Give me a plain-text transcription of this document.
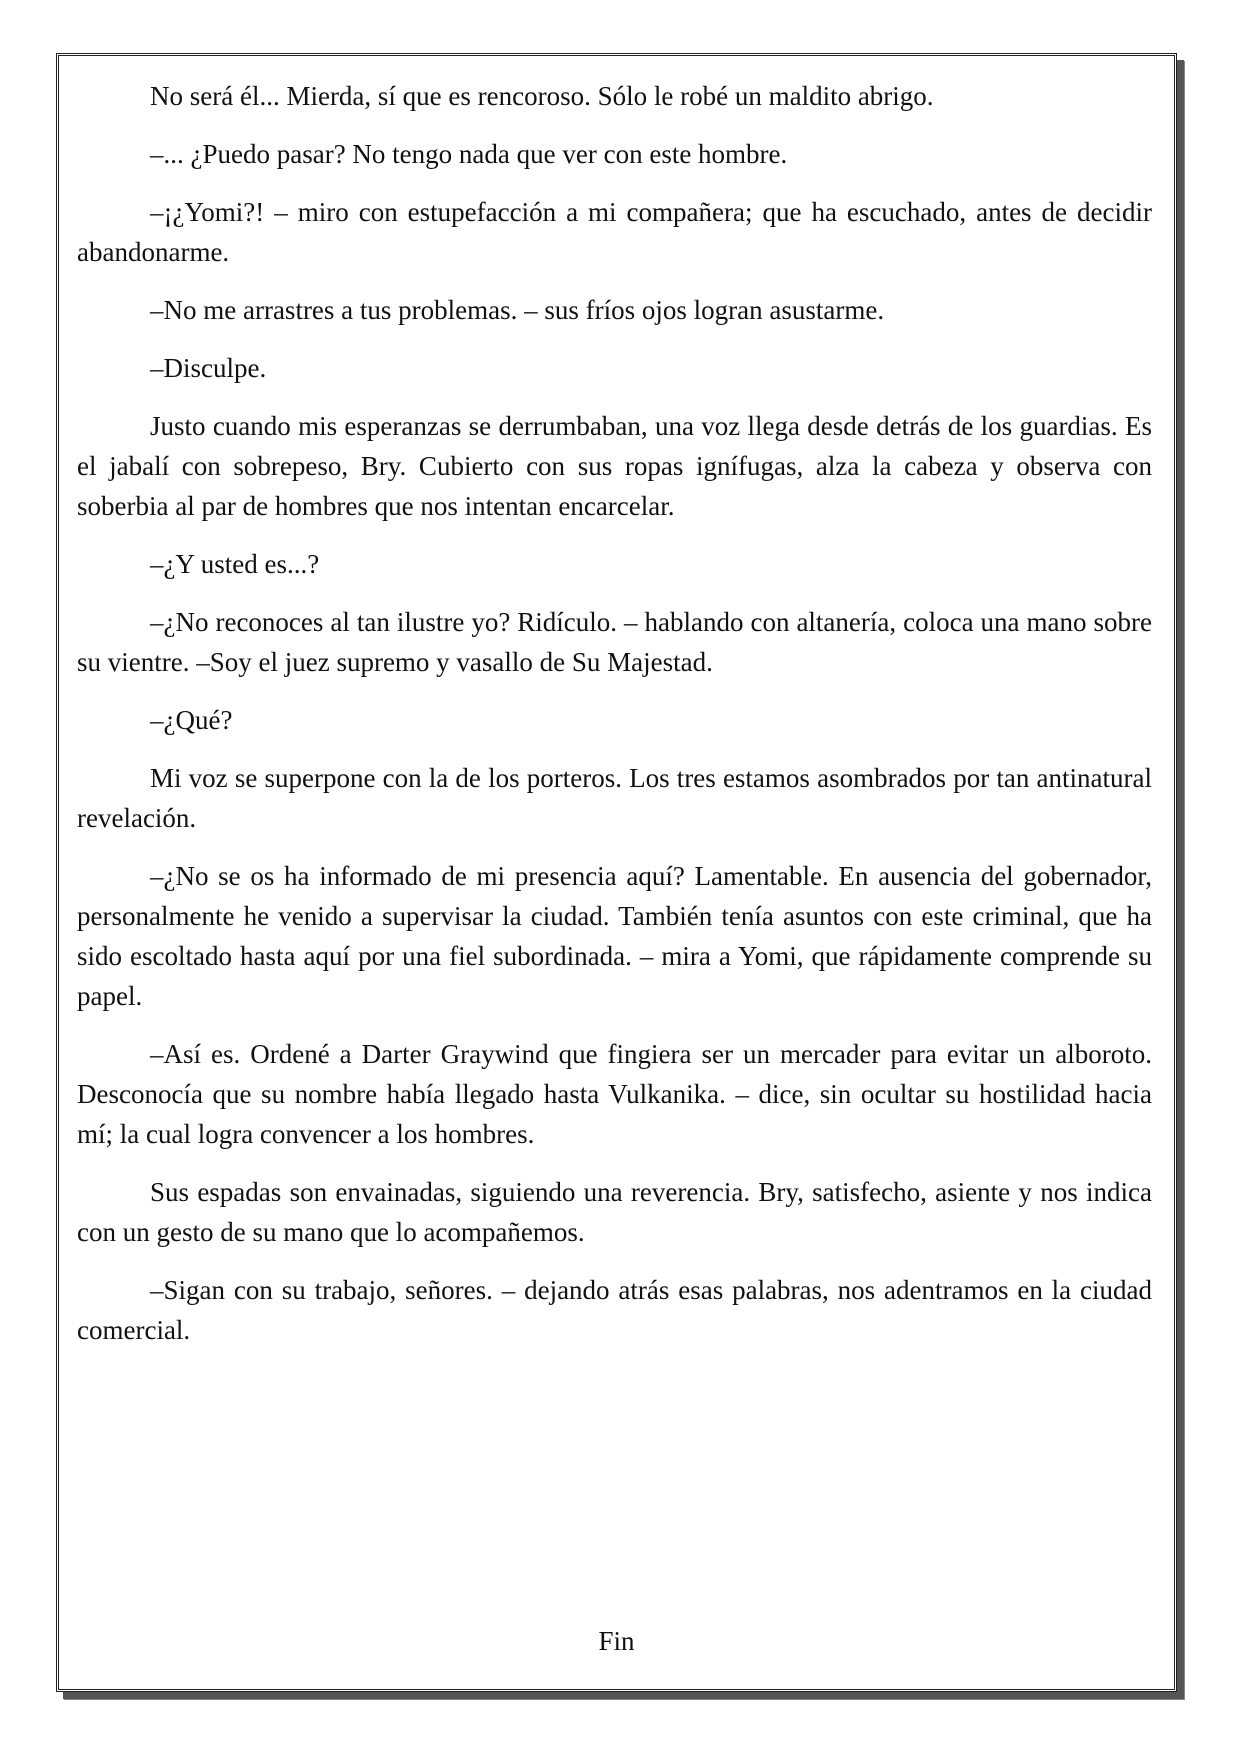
No será él... Mierda, sí que es rencoroso. Sólo le robé un maldito abrigo.

–... ¿Puedo pasar? No tengo nada que ver con este hombre.

–¡¿Yomi?! – miro con estupefacción a mi compañera; que ha escuchado, antes de decidir abandonarme.

–No me arrastres a tus problemas. – sus fríos ojos logran asustarme.

–Disculpe.

Justo cuando mis esperanzas se derrumbaban, una voz llega desde detrás de los guardias. Es el jabalí con sobrepeso, Bry. Cubierto con sus ropas ignífugas, alza la cabeza y observa con soberbia al par de hombres que nos intentan encarcelar.

–¿Y usted es...?

–¿No reconoces al tan ilustre yo? Ridículo. – hablando con altanería, coloca una mano sobre su vientre. –Soy el juez supremo y vasallo de Su Majestad.

–¿Qué?

Mi voz se superpone con la de los porteros. Los tres estamos asombrados por tan antinatural revelación.

–¿No se os ha informado de mi presencia aquí? Lamentable. En ausencia del gobernador, personalmente he venido a supervisar la ciudad. También tenía asuntos con este criminal, que ha sido escoltado hasta aquí por una fiel subordinada. – mira a Yomi, que rápidamente comprende su papel.

–Así es. Ordené a Darter Graywind que fingiera ser un mercader para evitar un alboroto. Desconocía que su nombre había llegado hasta Vulkanika. – dice, sin ocultar su hostilidad hacia mí; la cual logra convencer a los hombres.

Sus espadas son envainadas, siguiendo una reverencia. Bry, satisfecho, asiente y nos indica con un gesto de su mano que lo acompañemos.

–Sigan con su trabajo, señores. – dejando atrás esas palabras, nos adentramos en la ciudad comercial.

Fin
